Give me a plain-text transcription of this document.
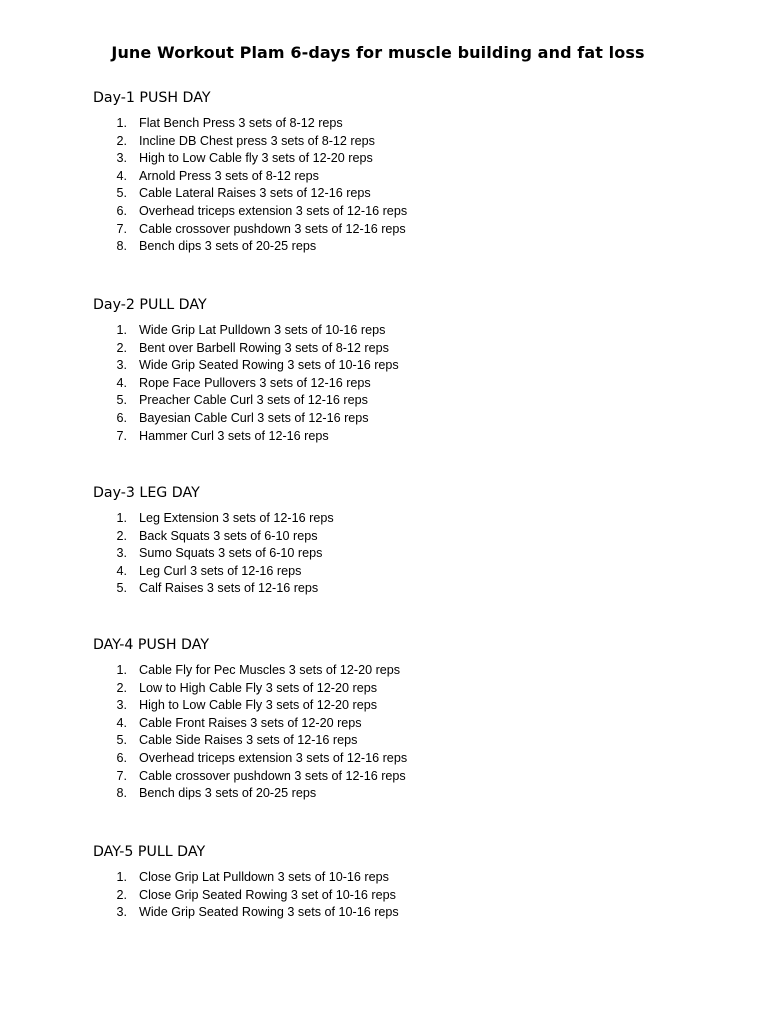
June Workout Plam 6-days for muscle building and fat loss
Day-1 PUSH DAY
1. Flat Bench Press 3 sets of 8-12 reps
2. Incline DB Chest press 3 sets of 8-12 reps
3. High to Low Cable fly 3 sets of 12-20 reps
4. Arnold Press 3 sets of 8-12 reps
5. Cable Lateral Raises 3 sets of 12-16 reps
6. Overhead triceps extension 3 sets of 12-16 reps
7. Cable crossover pushdown 3 sets of 12-16 reps
8. Bench dips 3 sets of 20-25 reps
Day-2 PULL DAY
1. Wide Grip Lat Pulldown 3 sets of 10-16 reps
2. Bent over Barbell Rowing 3 sets of 8-12 reps
3. Wide Grip Seated Rowing 3 sets of 10-16 reps
4. Rope Face Pullovers 3 sets of 12-16 reps
5. Preacher Cable Curl 3 sets of 12-16 reps
6. Bayesian Cable Curl 3 sets of 12-16 reps
7. Hammer Curl 3 sets of 12-16 reps
Day-3 LEG DAY
1. Leg Extension 3 sets of 12-16 reps
2. Back Squats 3 sets of 6-10 reps
3. Sumo Squats 3 sets of 6-10 reps
4. Leg Curl 3 sets of 12-16 reps
5. Calf Raises 3 sets of 12-16 reps
DAY-4 PUSH DAY
1. Cable Fly for Pec Muscles 3 sets of 12-20 reps
2. Low to High Cable Fly 3 sets of 12-20 reps
3. High to Low Cable Fly 3 sets of 12-20 reps
4. Cable Front Raises 3 sets of 12-20 reps
5. Cable Side Raises 3 sets of 12-16 reps
6. Overhead triceps extension 3 sets of 12-16 reps
7. Cable crossover pushdown 3 sets of 12-16 reps
8. Bench dips 3 sets of 20-25 reps
DAY-5 PULL DAY
1. Close Grip Lat Pulldown 3 sets of 10-16 reps
2. Close Grip Seated Rowing 3 set of 10-16 reps
3. Wide Grip Seated Rowing 3 sets of 10-16 reps
